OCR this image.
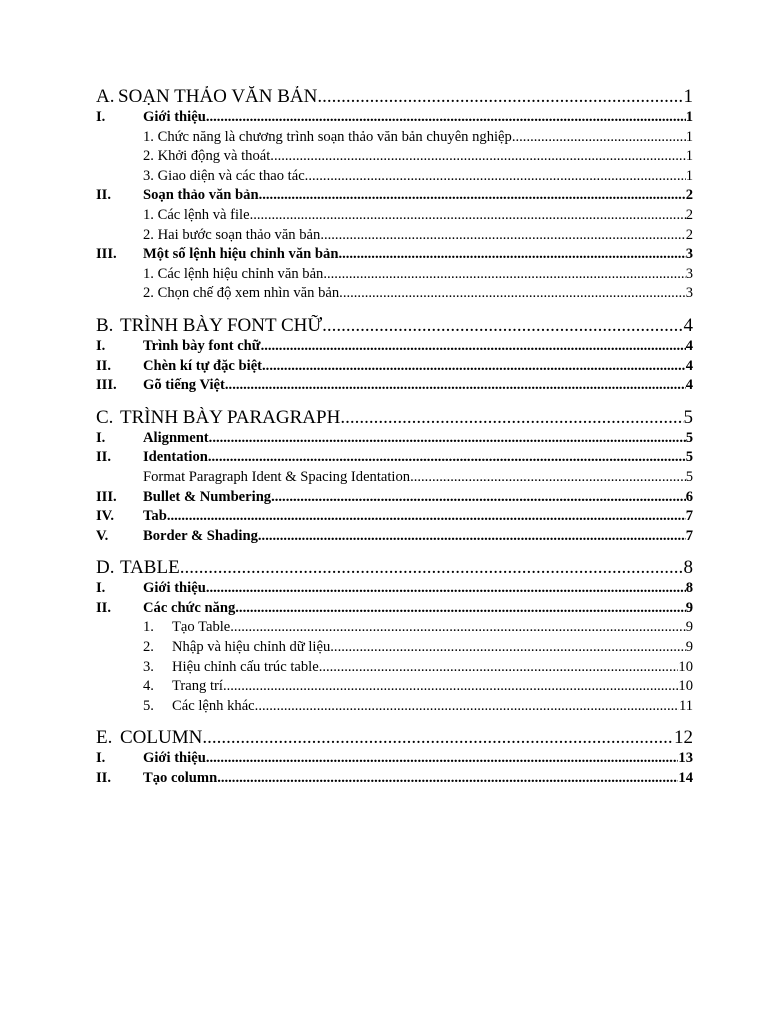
A. SOẠN THẢO VĂN BẢN .....	1
I.	Giới thiệu .....	1
1. Chức năng là chương trình soạn thảo văn bản chuyên nghiệp .....	1
2. Khởi động và thoát .....	1
3. Giao diện và các thao tác .....	1
II. Soạn thảo văn bản .....	2
1. Các lệnh và file .....	2
2. Hai bước soạn thảo văn bản .....	2
III. Một số lệnh hiệu chỉnh văn bản .....	3
1. Các lệnh hiệu chỉnh văn bản .....	3
2. Chọn chế độ xem nhìn văn bản .....	3
B. TRÌNH BÀY FONT CHỮ .....	4
I.	Trình bày font chữ .....	4
II. Chèn kí tự đặc biệt .....	4
III. Gõ tiếng Việt .....	4
C. TRÌNH BÀY PARAGRAPH .....	5
I.	Alignment .....	5
II. Identation .....	5
Format Paragraph Ident & Spacing Identation .....	5
III. Bullet & Numbering .....	6
IV. Tab .....	7
V. Border & Shading .....	7
D. TABLE .....	8
I.	Giới thiệu .....	8
II. Các chức năng .....	9
1.	Tạo Table .....	9
2.	Nhập và hiệu chỉnh dữ liệu .....	9
3.	Hiệu chỉnh cấu trúc table .....	10
4.	Trang trí .....	10
5.	Các lệnh khác .....	11
E. COLUMN .....	12
I.	Giới thiệu .....	13
II. Tạo column .....	14
